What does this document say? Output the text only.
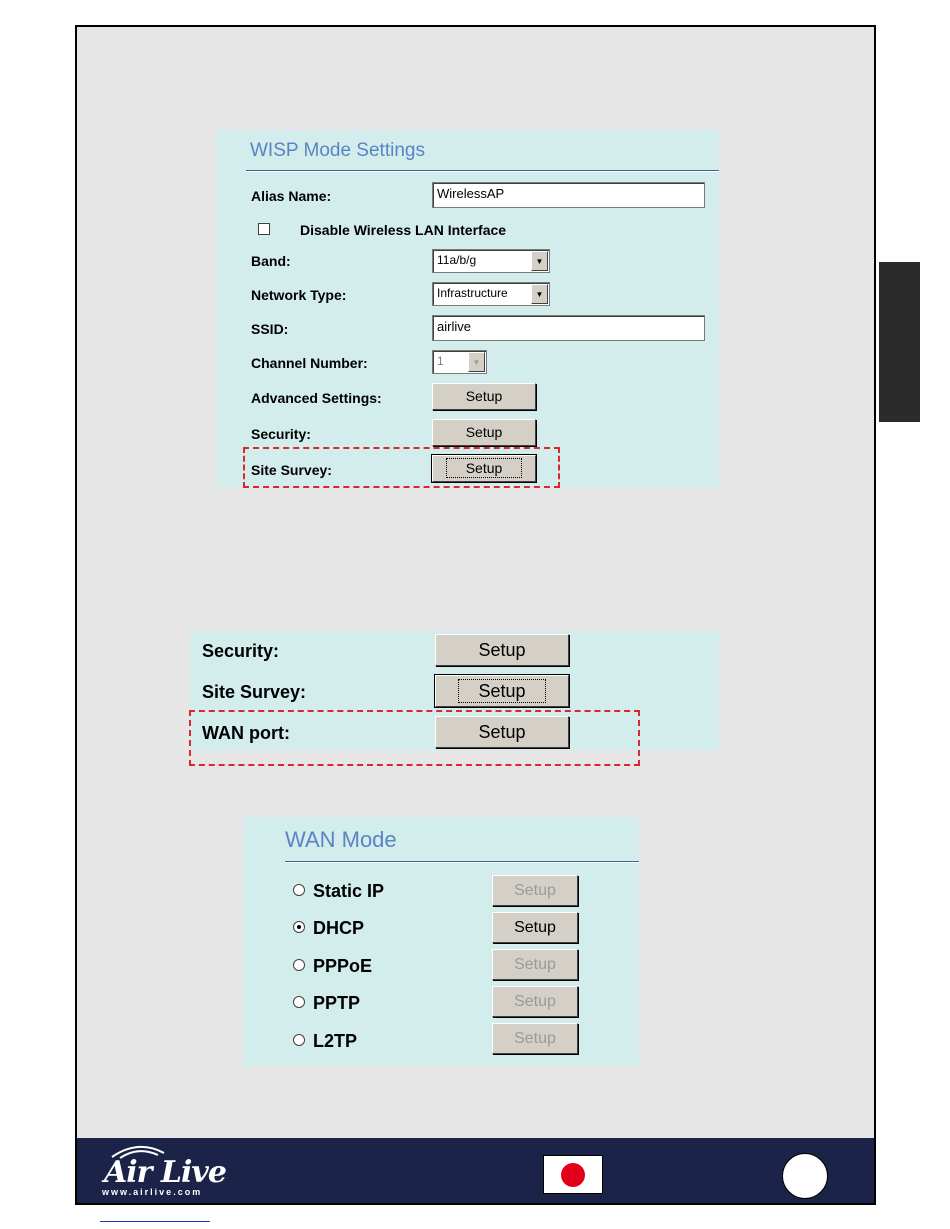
WISP Mode Settings
Alias Name:	WirelessAP
Disable Wireless LAN Interface
Band:	11a/b/g	▼
Network Type:	Infrastructure	▼
SSID:	airlive
Channel Number:	1	▼
Advanced Settings:	Setup
Security:	Setup
Site Survey:	Setup
Security:	Setup
Site Survey:	Setup
WAN port:	Setup
WAN Mode
Static IP	Setup
DHCP	Setup
PPPoE	Setup
PPTP	Setup
L2TP	Setup
Air Live
www.airlive.com
